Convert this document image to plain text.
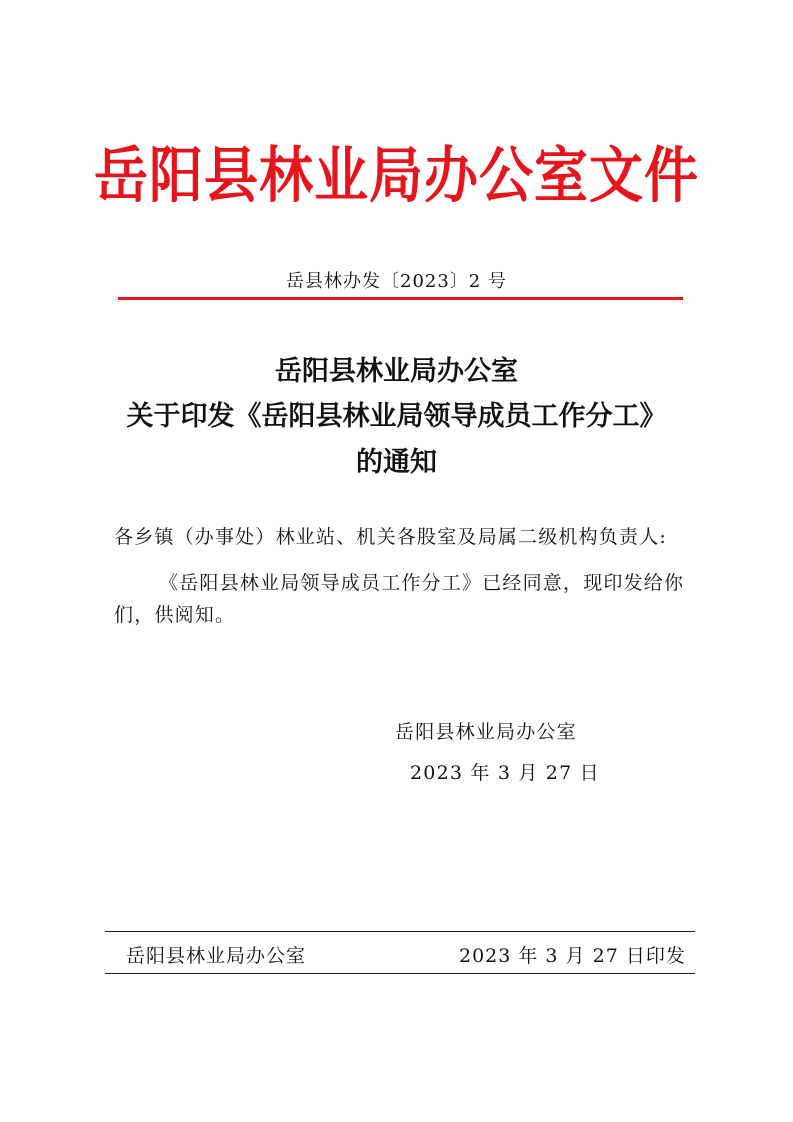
岳阳县林业局办公室文件
岳县林办发〔2023〕2 号
岳阳县林业局办公室
关于印发《岳阳县林业局领导成员工作分工》
的通知
各乡镇（办事处）林业站、机关各股室及局属二级机构负责人:
《岳阳县林业局领导成员工作分工》已经同意，现印发给你
们，供阅知。
岳阳县林业局办公室
2023 年 3 月 27 日
岳阳县林业局办公室	2023 年 3 月 27 日印发
